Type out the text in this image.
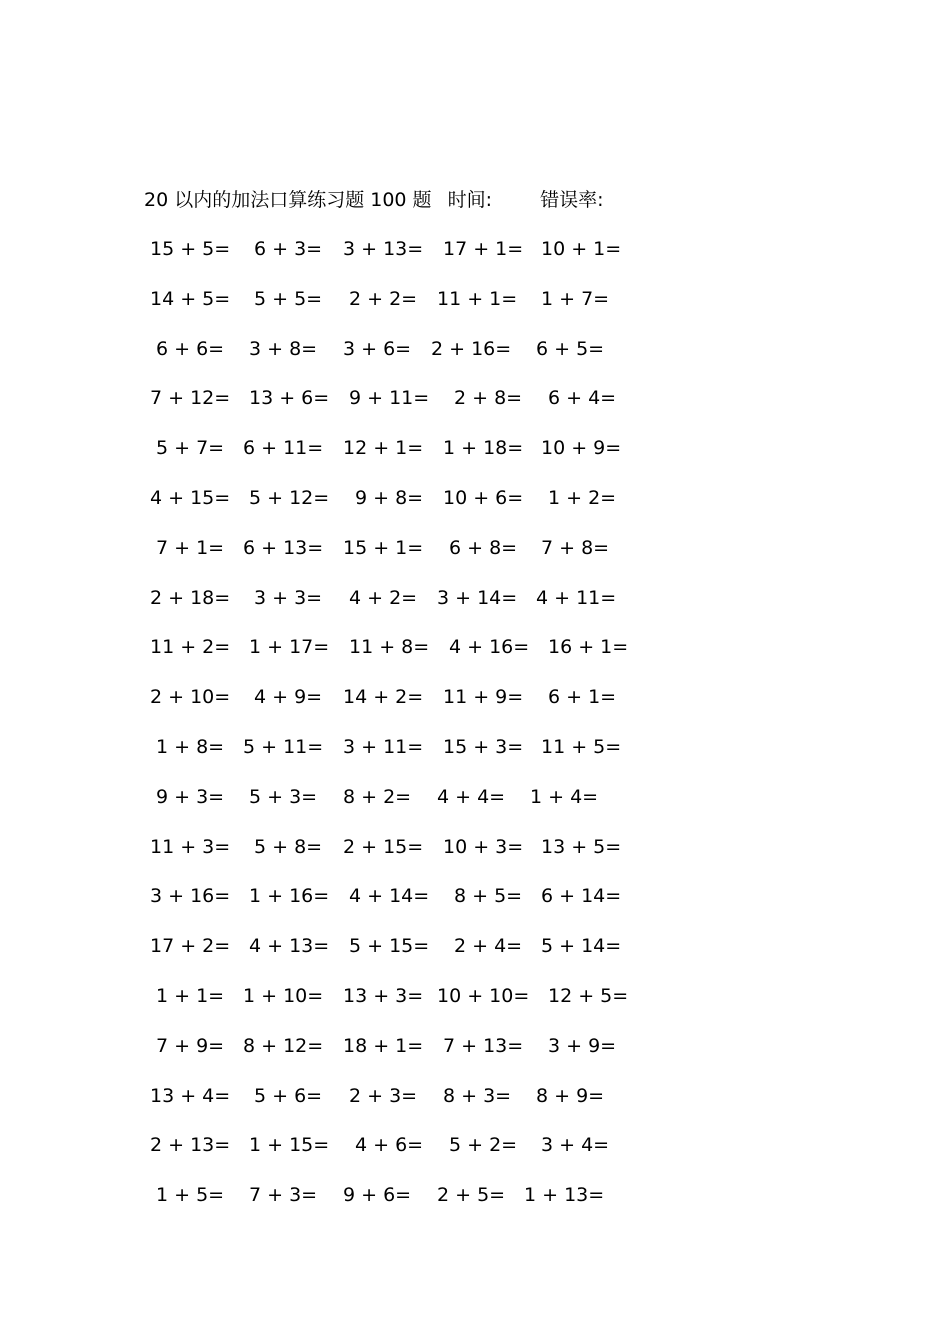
20 以内的加法口算练习题 100 题 时间:	错误率:
15 + 5= 6 + 3= 3 + 13= 17 + 1= 10 + 1=
14 + 5= 5 + 5= 2 + 2= 11 + 1= 1 + 7=
6 + 6= 3 + 8= 3 + 6= 2 + 16= 6 + 5=
7 + 12= 13 + 6= 9 + 11= 2 + 8= 6 + 4=
5 + 7= 6 + 11= 12 + 1= 1 + 18= 10 + 9=
4 + 15= 5 + 12= 9 + 8= 10 + 6= 1 + 2=
7 + 1= 6 + 13= 15 + 1= 6 + 8= 7 + 8=
2 + 18= 3 + 3= 4 + 2= 3 + 14= 4 + 11=
11 + 2= 1 + 17= 11 + 8= 4 + 16= 16 + 1=
2 + 10= 4 + 9= 14 + 2= 11 + 9= 6 + 1=
1 + 8= 5 + 11= 3 + 11= 15 + 3= 11 + 5=
9 + 3= 5 + 3= 8 + 2= 4 + 4= 1 + 4=
11 + 3= 5 + 8= 2 + 15= 10 + 3= 13 + 5=
3 + 16= 1 + 16= 4 + 14= 8 + 5= 6 + 14=
17 + 2= 4 + 13= 5 + 15= 2 + 4= 5 + 14=
1 + 1= 1 + 10= 13 + 3= 10 + 10= 12 + 5=
7 + 9= 8 + 12= 18 + 1= 7 + 13= 3 + 9=
13 + 4= 5 + 6= 2 + 3= 8 + 3= 8 + 9=
2 + 13= 1 + 15= 4 + 6= 5 + 2= 3 + 4=
1 + 5= 7 + 3= 9 + 6= 2 + 5= 1 + 13=
